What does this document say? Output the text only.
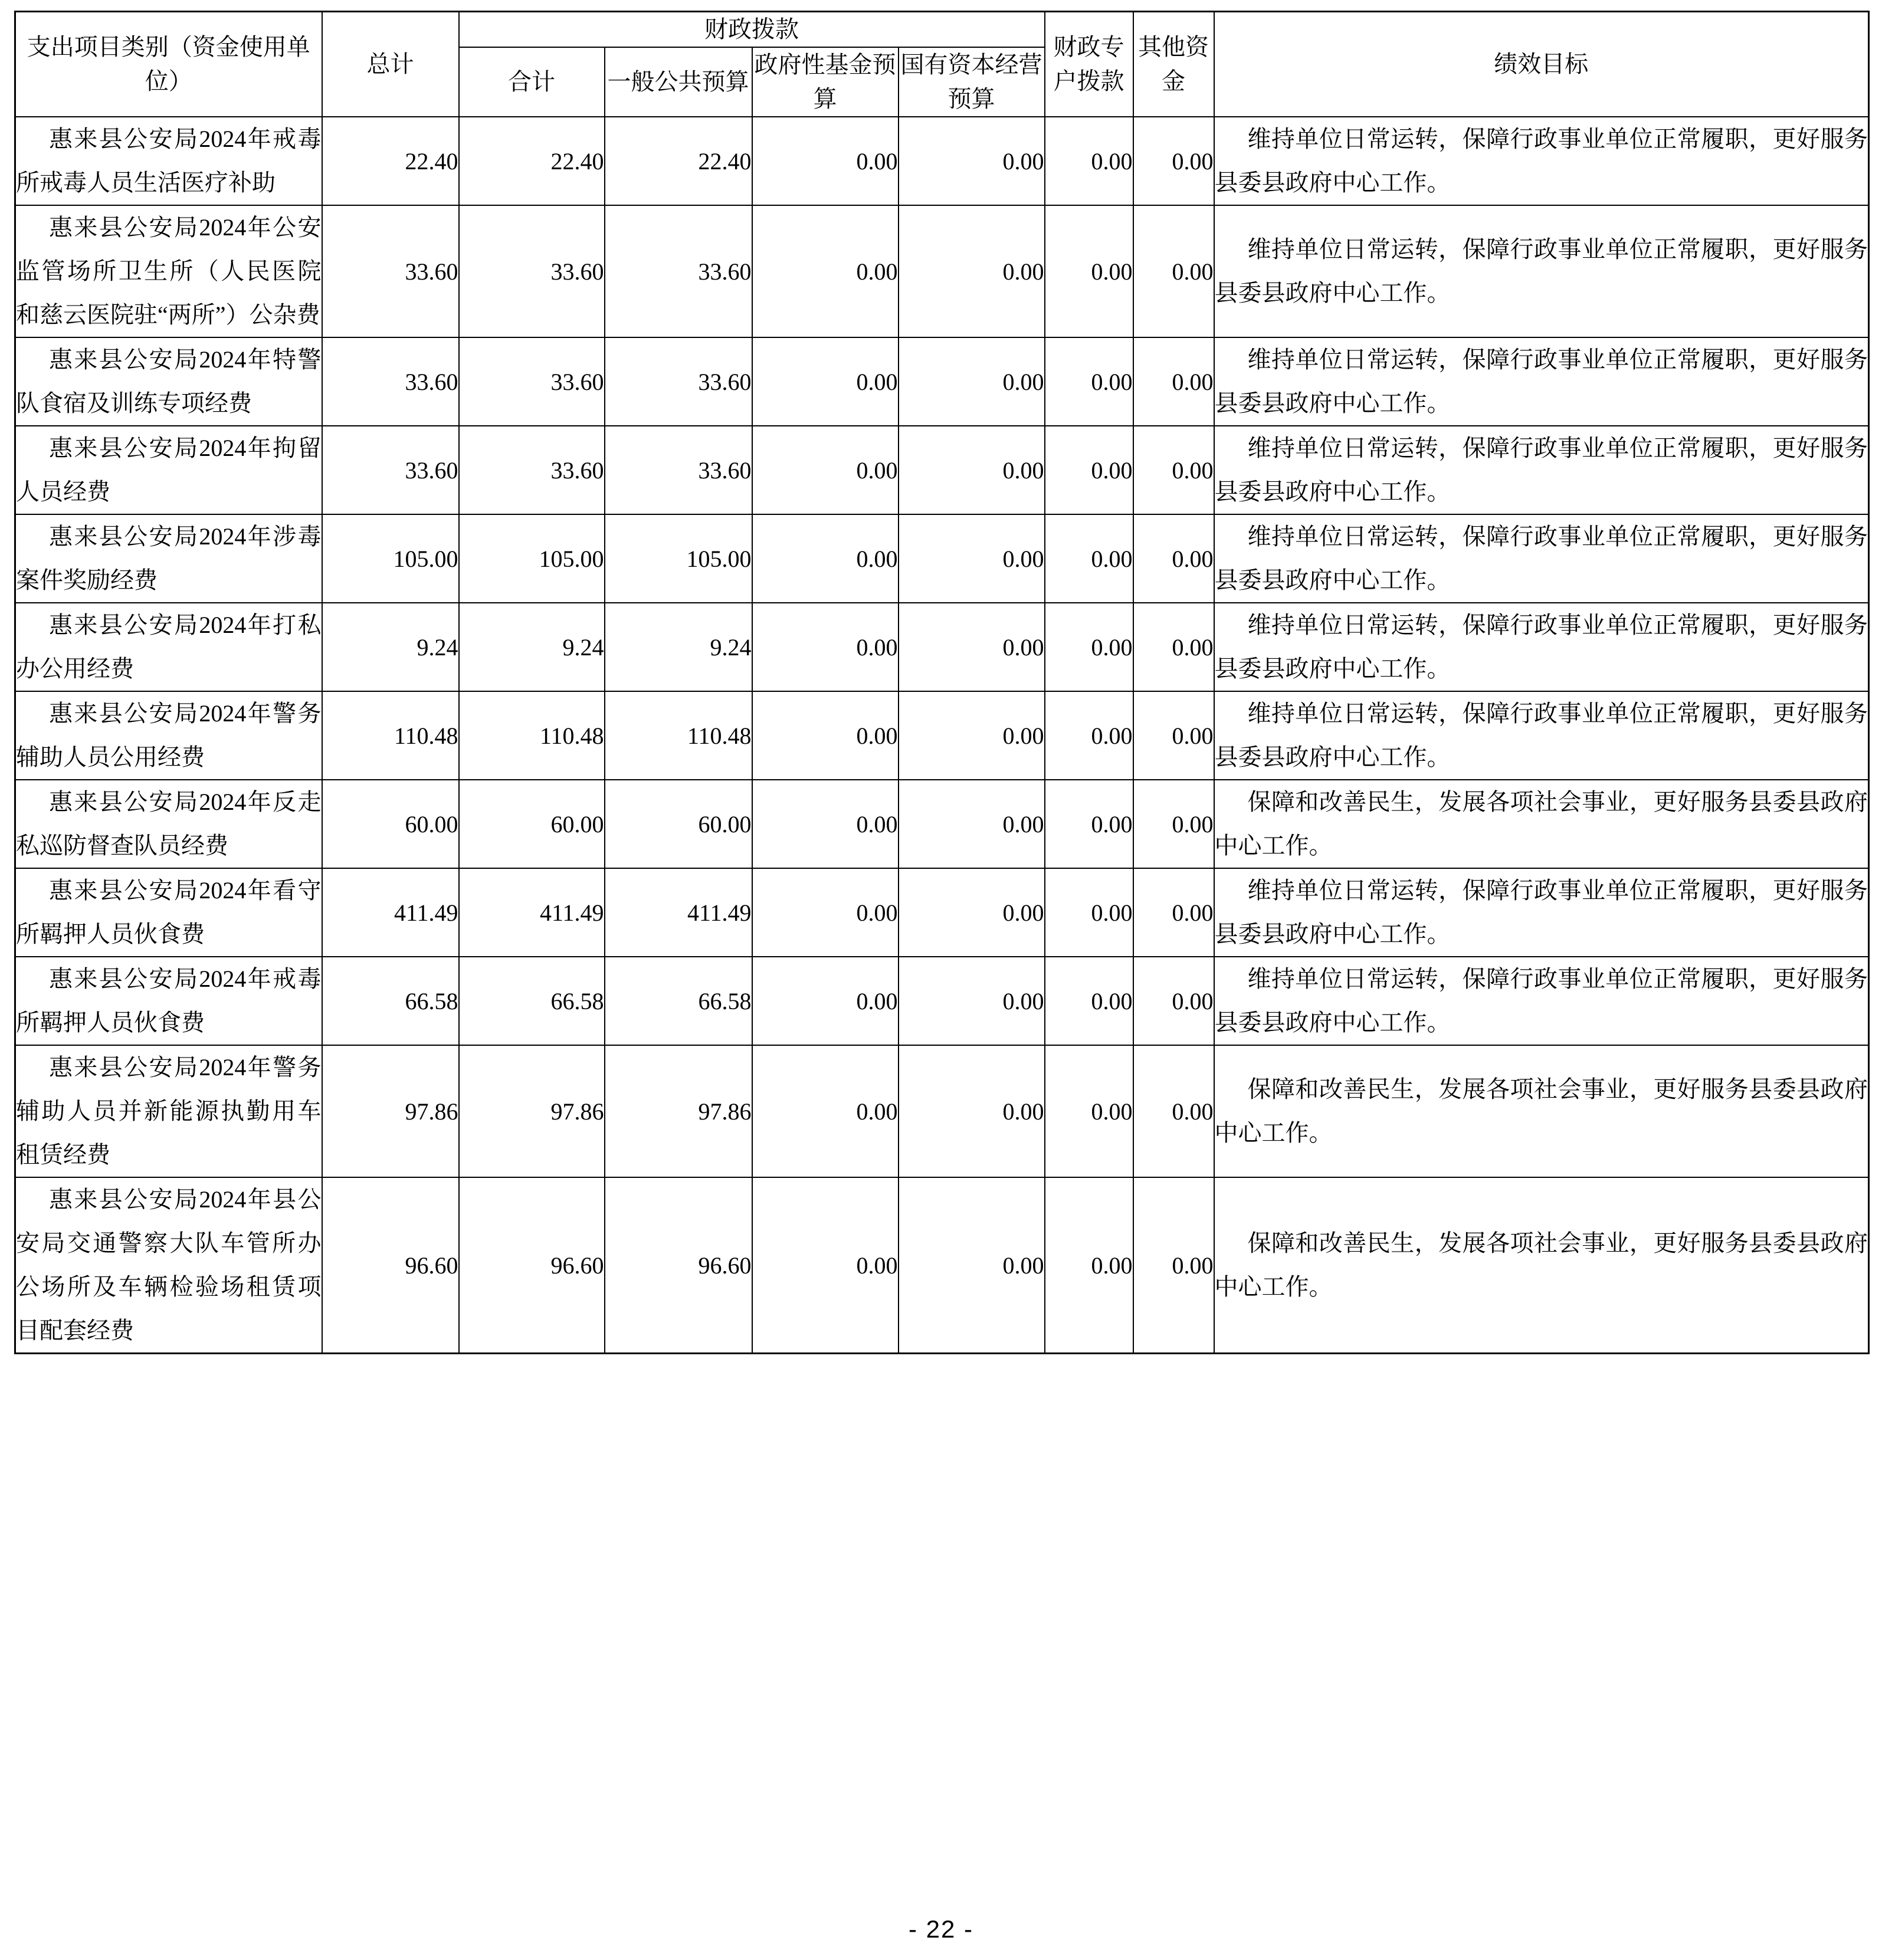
支出项目类别（资金使用单位）	总计	财政拨款				财政专户拨款	其他资金	绩效目标
		合计	一般公共预算	政府性基金预算	国有资本经营预算			
惠来县公安局2024年戒毒所戒毒人员生活医疗补助	22.40	22.40	22.40	0.00	0.00	0.00	0.00	维持单位日常运转，保障行政事业单位正常履职，更好服务县委县政府中心工作。
惠来县公安局2024年公安监管场所卫生所（人民医院和慈云医院驻“两所”）公杂费	33.60	33.60	33.60	0.00	0.00	0.00	0.00	维持单位日常运转，保障行政事业单位正常履职，更好服务县委县政府中心工作。
惠来县公安局2024年特警队食宿及训练专项经费	33.60	33.60	33.60	0.00	0.00	0.00	0.00	维持单位日常运转，保障行政事业单位正常履职，更好服务县委县政府中心工作。
惠来县公安局2024年拘留人员经费	33.60	33.60	33.60	0.00	0.00	0.00	0.00	维持单位日常运转，保障行政事业单位正常履职，更好服务县委县政府中心工作。
惠来县公安局2024年涉毒案件奖励经费	105.00	105.00	105.00	0.00	0.00	0.00	0.00	维持单位日常运转，保障行政事业单位正常履职，更好服务县委县政府中心工作。
惠来县公安局2024年打私办公用经费	9.24	9.24	9.24	0.00	0.00	0.00	0.00	维持单位日常运转，保障行政事业单位正常履职，更好服务县委县政府中心工作。
惠来县公安局2024年警务辅助人员公用经费	110.48	110.48	110.48	0.00	0.00	0.00	0.00	维持单位日常运转，保障行政事业单位正常履职，更好服务县委县政府中心工作。
惠来县公安局2024年反走私巡防督查队员经费	60.00	60.00	60.00	0.00	0.00	0.00	0.00	保障和改善民生，发展各项社会事业，更好服务县委县政府中心工作。
惠来县公安局2024年看守所羁押人员伙食费	411.49	411.49	411.49	0.00	0.00	0.00	0.00	维持单位日常运转，保障行政事业单位正常履职，更好服务县委县政府中心工作。
惠来县公安局2024年戒毒所羁押人员伙食费	66.58	66.58	66.58	0.00	0.00	0.00	0.00	维持单位日常运转，保障行政事业单位正常履职，更好服务县委县政府中心工作。
惠来县公安局2024年警务辅助人员并新能源执勤用车租赁经费	97.86	97.86	97.86	0.00	0.00	0.00	0.00	保障和改善民生，发展各项社会事业，更好服务县委县政府中心工作。
惠来县公安局2024年县公安局交通警察大队车管所办公场所及车辆检验场租赁项目配套经费	96.60	96.60	96.60	0.00	0.00	0.00	0.00	保障和改善民生，发展各项社会事业，更好服务县委县政府中心工作。
- 22 -
